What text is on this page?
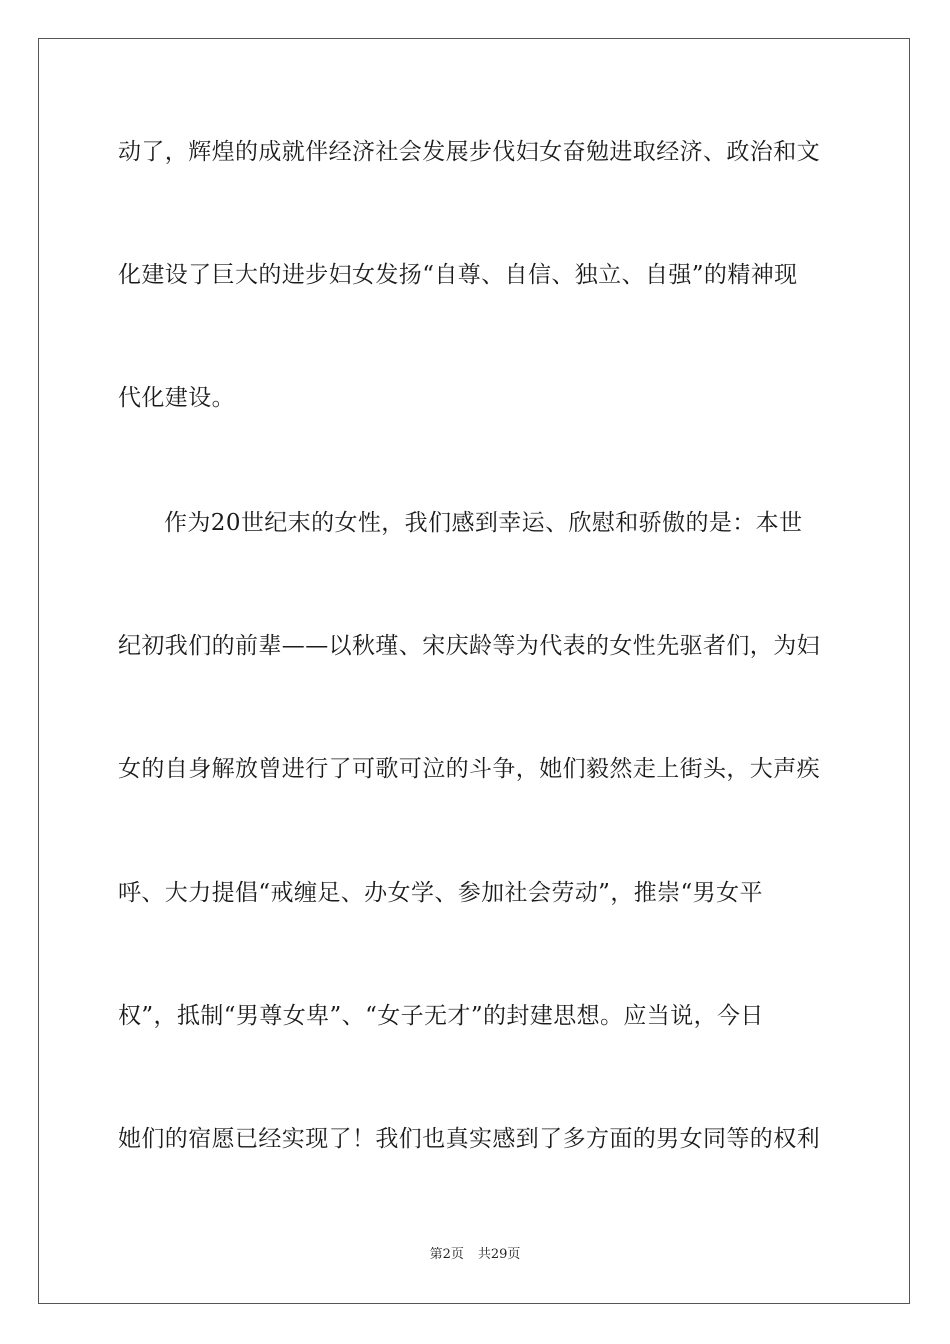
动了，辉煌的成就伴经济社会发展步伐妇女奋勉进取经济、政治和文
化建设了巨大的进步妇女发扬“自尊、自信、独立、自强”的精神现
代化建设。
作为20世纪末的女性，我们感到幸运、欣慰和骄傲的是：本世
纪初我们的前辈——以秋瑾、宋庆龄等为代表的女性先驱者们，为妇
女的自身解放曾进行了可歌可泣的斗争，她们毅然走上街头，大声疾
呼、大力提倡“戒缠足、办女学、参加社会劳动”，推崇“男女平
权”，抵制“男尊女卑”、“女子无才”的封建思想。应当说，今日
她们的宿愿已经实现了！我们也真实感到了多方面的男女同等的权利
第2页 共29页
